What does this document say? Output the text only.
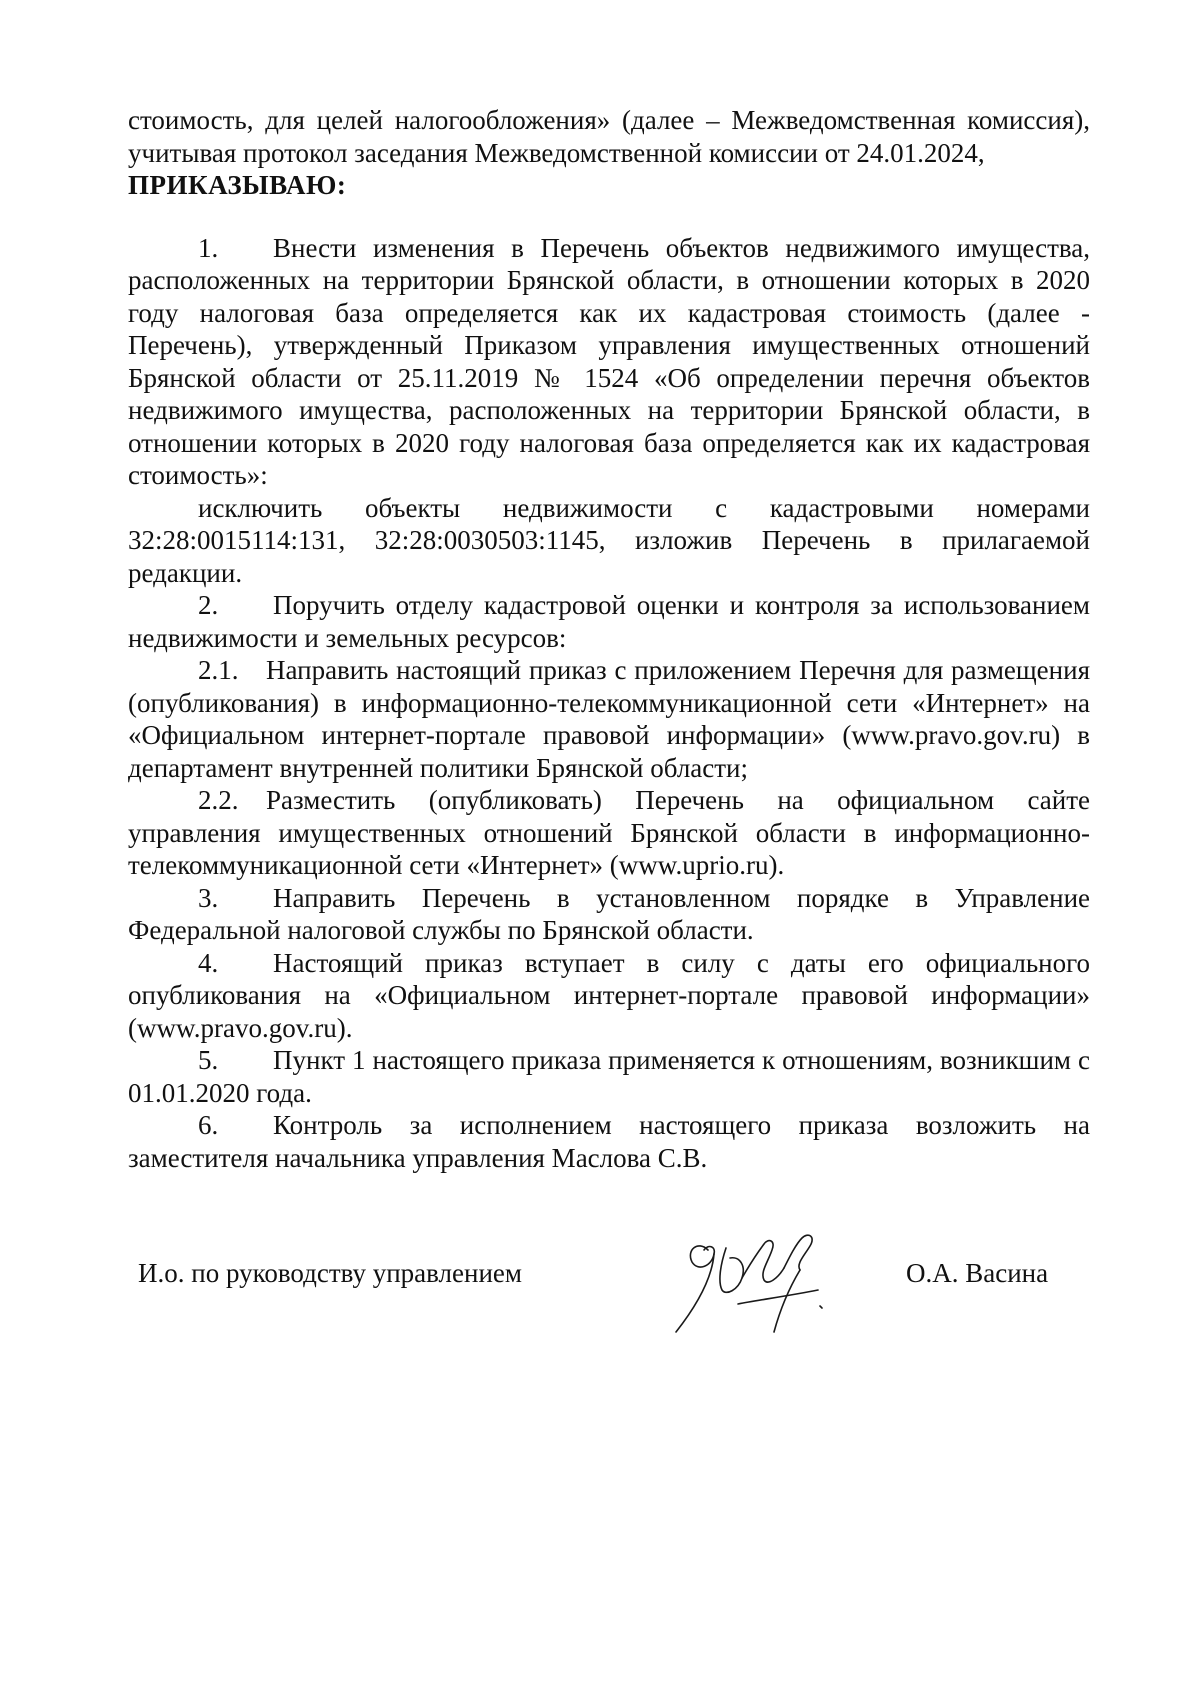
стоимость, для целей налогообложения» (далее – Межведомственная комиссия), учитывая протокол заседания Межведомственной комиссии от 24.01.2024,

ПРИКАЗЫВАЮ:

1. Внести изменения в Перечень объектов недвижимого имущества, расположенных на территории Брянской области, в отношении которых в 2020 году налоговая база определяется как их кадастровая стоимость (далее - Перечень), утвержденный Приказом управления имущественных отношений Брянской области от 25.11.2019 № 1524 «Об определении перечня объектов недвижимого имущества, расположенных на территории Брянской области, в отношении которых в 2020 году налоговая база определяется как их кадастровая стоимость»:

исключить объекты недвижимости с кадастровыми номерами 32:28:0015114:131, 32:28:0030503:1145, изложив Перечень в прилагаемой редакции.

2. Поручить отделу кадастровой оценки и контроля за использованием недвижимости и земельных ресурсов:

2.1. Направить настоящий приказ с приложением Перечня для размещения (опубликования) в информационно-телекоммуникационной сети «Интернет» на «Официальном интернет-портале правовой информации» (www.pravo.gov.ru) в департамент внутренней политики Брянской области;

2.2. Разместить (опубликовать) Перечень на официальном сайте управления имущественных отношений Брянской области в информационно-телекоммуникационной сети «Интернет» (www.uprio.ru).

3. Направить Перечень в установленном порядке в Управление Федеральной налоговой службы по Брянской области.

4. Настоящий приказ вступает в силу с даты его официального опубликования на «Официальном интернет-портале правовой информации» (www.pravo.gov.ru).

5. Пункт 1 настоящего приказа применяется к отношениям, возникшим с 01.01.2020 года.

6. Контроль за исполнением настоящего приказа возложить на заместителя начальника управления Маслова С.В.

И.о. по руководству управлением	О.А. Васина
